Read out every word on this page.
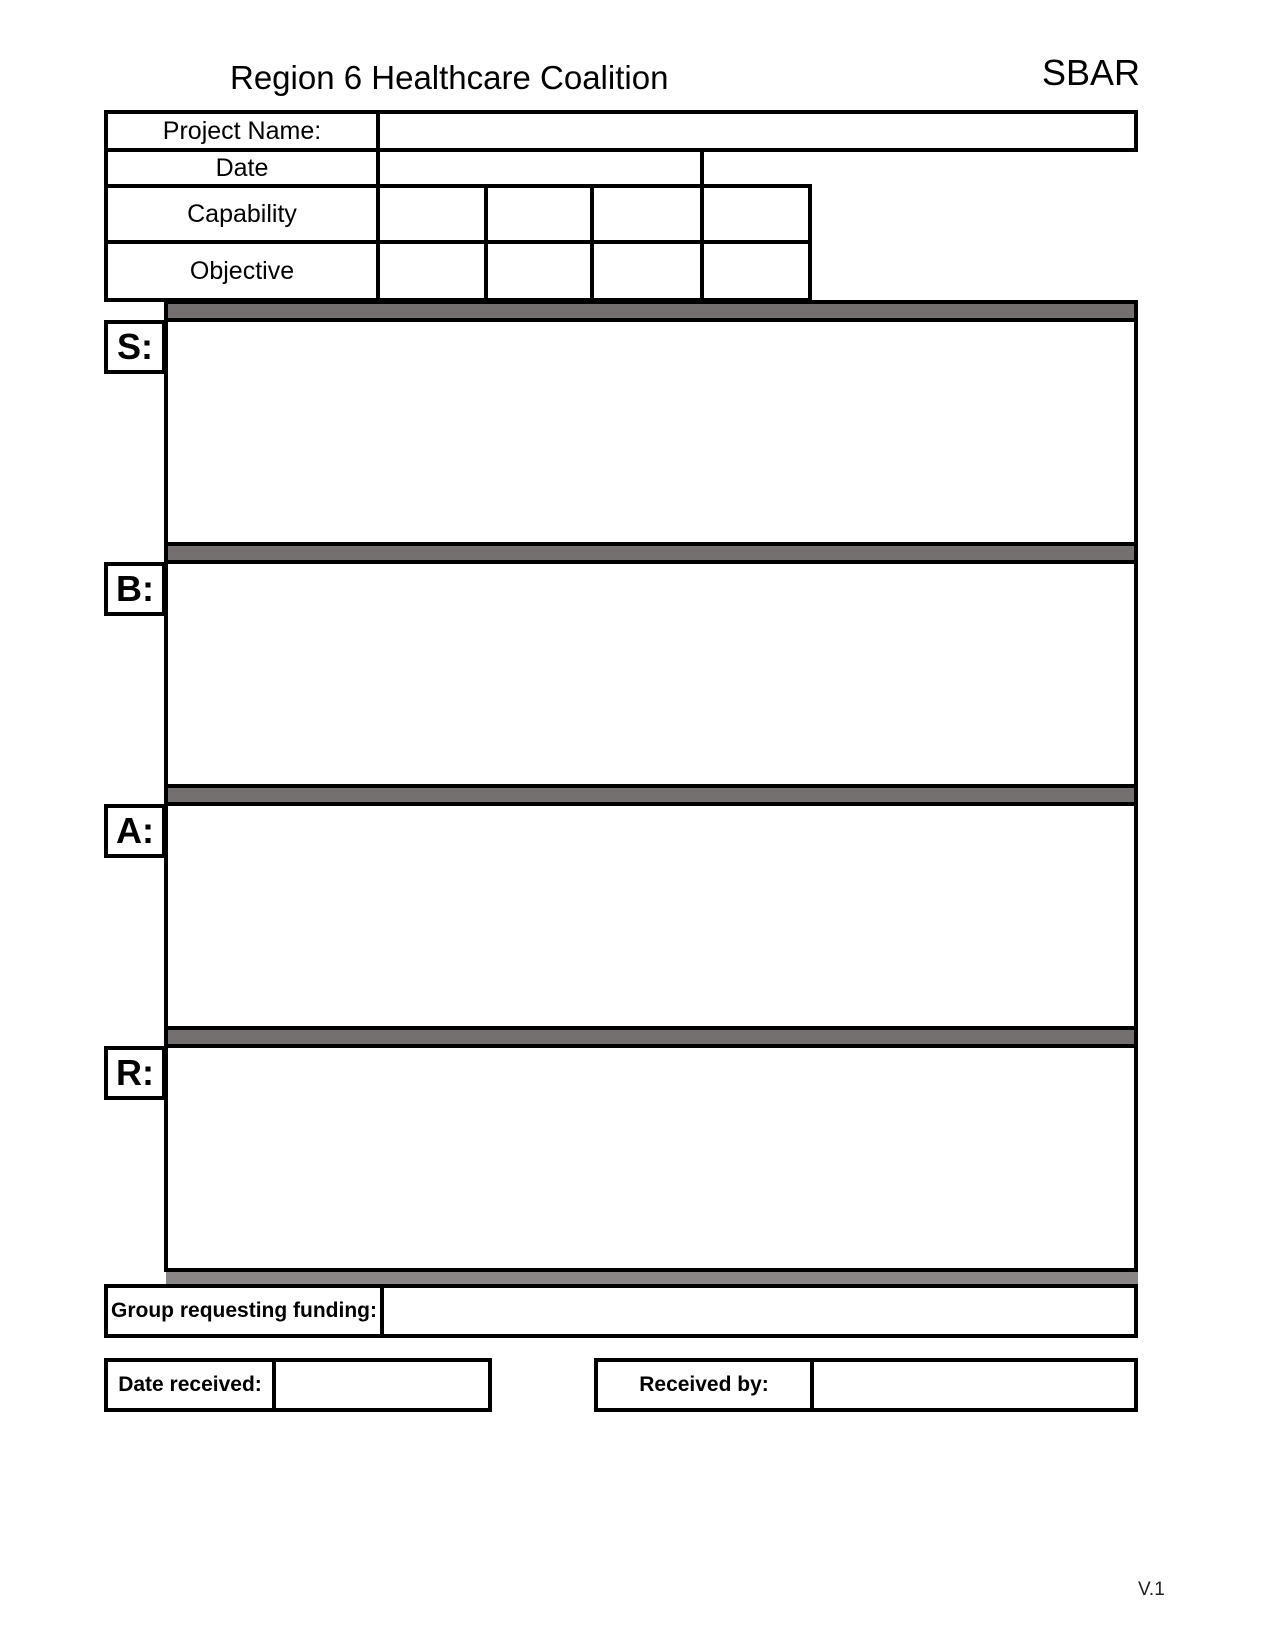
Region 6 Healthcare Coalition	SBAR
Project Name:
Date
Capability
Objective
S:
B:
A:
R:
Group requesting funding:
Date received:	Received by:
V.1
